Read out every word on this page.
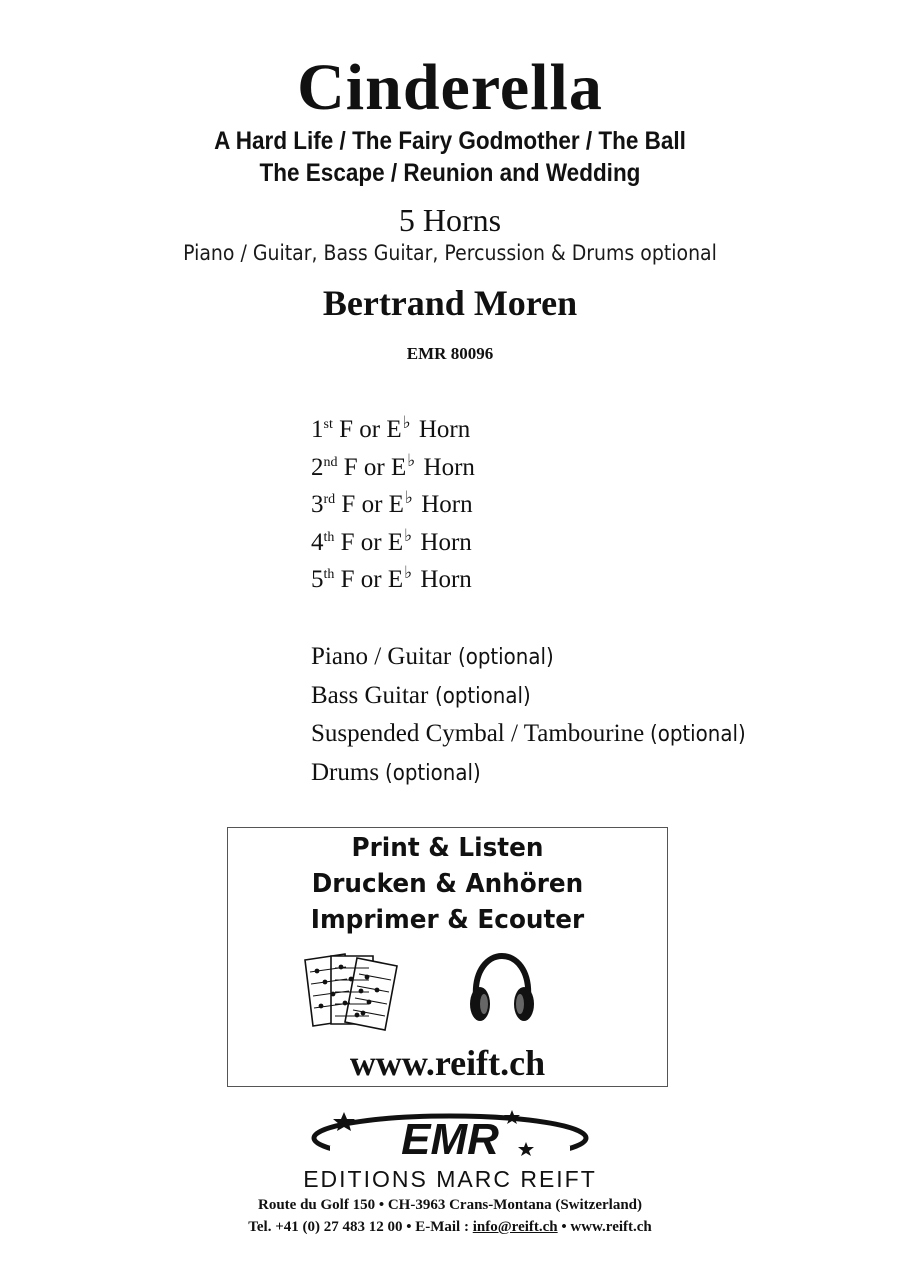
Cinderella
A Hard Life / The Fairy Godmother / The Ball
The Escape / Reunion and Wedding
5 Horns
Piano / Guitar, Bass Guitar, Percussion & Drums optional
Bertrand Moren
EMR 80096
1st F or E♭ Horn
2nd F or E♭ Horn
3rd F or E♭ Horn
4th F or E♭ Horn
5th F or E♭ Horn
Piano / Guitar (optional)
Bass Guitar (optional)
Suspended Cymbal / Tambourine (optional)
Drums (optional)
Print & Listen
Drucken & Anhören
Imprimer & Ecouter
www.reift.ch
EMR
EDITIONS MARC REIFT
Route du Golf 150 • CH-3963 Crans-Montana (Switzerland)
Tel. +41 (0) 27 483 12 00 • E-Mail : info@reift.ch • www.reift.ch
